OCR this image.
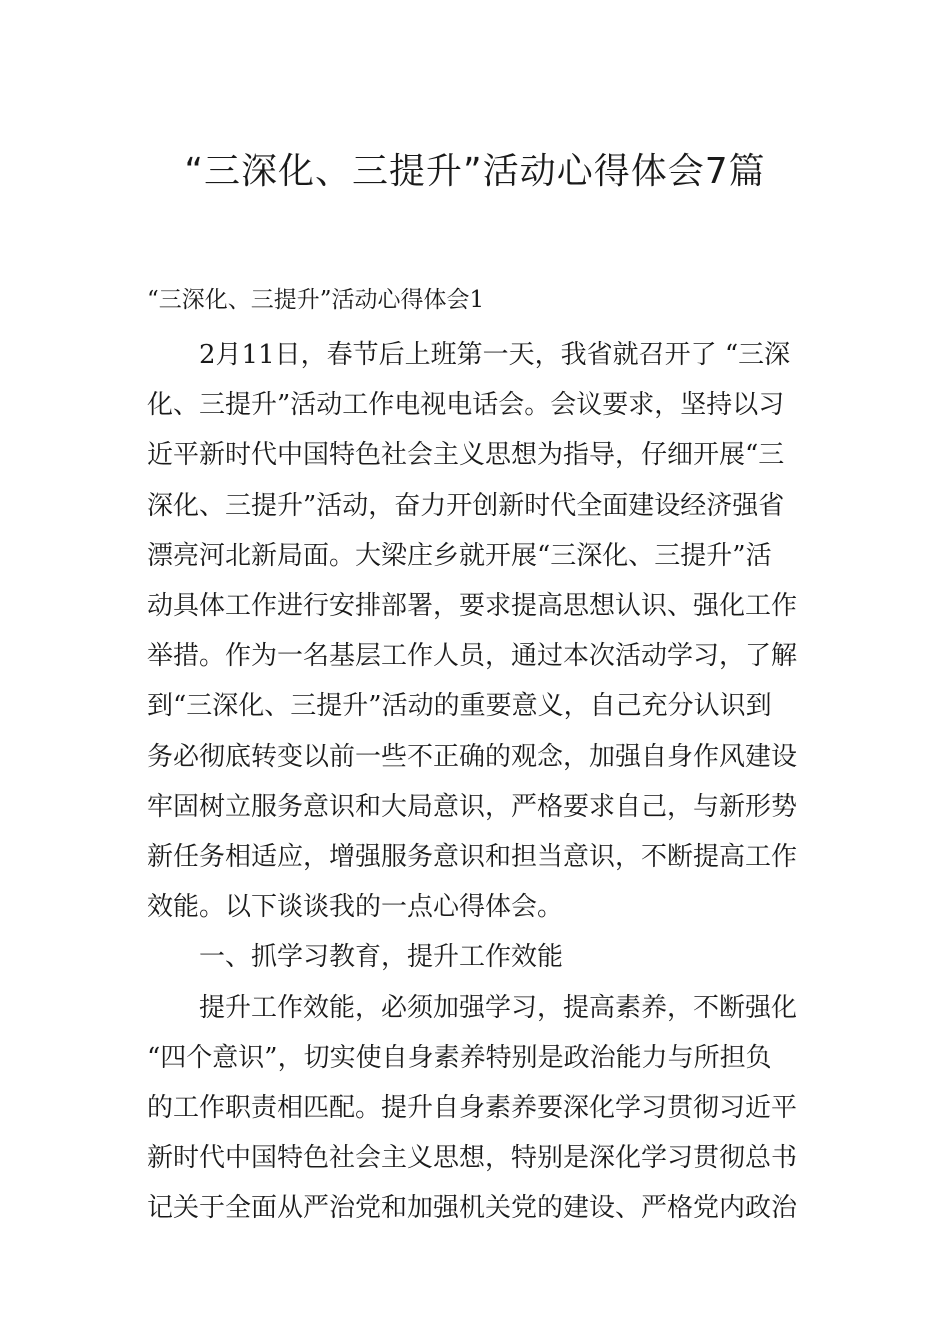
“三深化、三提升”活动心得体会7篇
“三深化、三提升”活动心得体会1
2月11日，春节后上班第一天，我省就召开了 “三深
化、三提升”活动工作电视电话会。会议要求，坚持以习
近平新时代中国特色社会主义思想为指导，仔细开展“三
深化、三提升”活动，奋力开创新时代全面建设经济强省
漂亮河北新局面。大梁庄乡就开展“三深化、三提升”活
动具体工作进行安排部署，要求提高思想认识、强化工作
举措。作为一名基层工作人员，通过本次活动学习，了解
到“三深化、三提升”活动的重要意义，自己充分认识到
务必彻底转变以前一些不正确的观念，加强自身作风建设
牢固树立服务意识和大局意识，严格要求自己，与新形势
新任务相适应，增强服务意识和担当意识，不断提高工作
效能。以下谈谈我的一点心得体会。
一、抓学习教育，提升工作效能
提升工作效能，必须加强学习，提高素养，不断强化
“四个意识”，切实使自身素养特别是政治能力与所担负
的工作职责相匹配。提升自身素养要深化学习贯彻习近平
新时代中国特色社会主义思想，特别是深化学习贯彻总书
记关于全面从严治党和加强机关党的建设、严格党内政治
